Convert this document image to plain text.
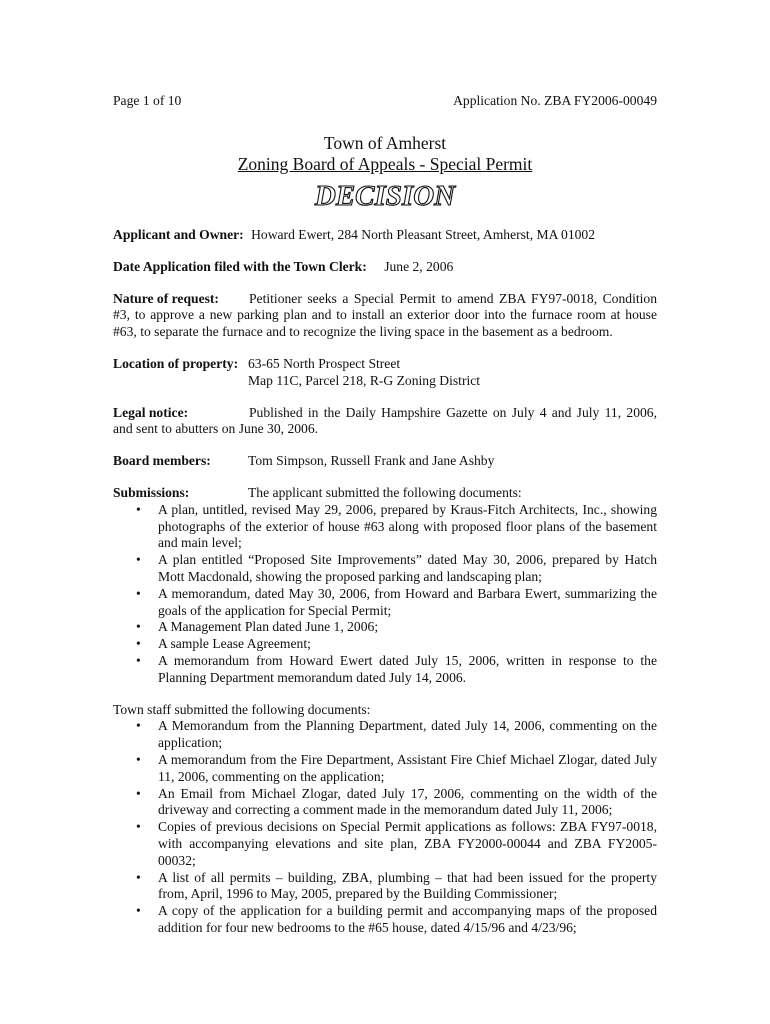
Page 1 of 10	Application No. ZBA FY2006-00049
Town of Amherst
Zoning Board of Appeals - Special Permit
DECISION
Applicant and Owner: Howard Ewert, 284 North Pleasant Street, Amherst, MA 01002
Date Application filed with the Town Clerk: June 2, 2006
Nature of request: Petitioner seeks a Special Permit to amend ZBA FY97-0018, Condition #3, to approve a new parking plan and to install an exterior door into the furnace room at house #63, to separate the furnace and to recognize the living space in the basement as a bedroom.
Location of property: 63-65 North Prospect Street
Map 11C, Parcel 218, R-G Zoning District
Legal notice:	Published in the Daily Hampshire Gazette on July 4 and July 11, 2006, and sent to abutters on June 30, 2006.
Board members:	Tom Simpson, Russell Frank and Jane Ashby
Submissions:	The applicant submitted the following documents:
• A plan, untitled, revised May 29, 2006, prepared by Kraus-Fitch Architects, Inc., showing photographs of the exterior of house #63 along with proposed floor plans of the basement and main level;
• A plan entitled “Proposed Site Improvements” dated May 30, 2006, prepared by Hatch Mott Macdonald, showing the proposed parking and landscaping plan;
• A memorandum, dated May 30, 2006, from Howard and Barbara Ewert, summarizing the goals of the application for Special Permit;
• A Management Plan dated June 1, 2006;
• A sample Lease Agreement;
• A memorandum from Howard Ewert dated July 15, 2006, written in response to the Planning Department memorandum dated July 14, 2006.
Town staff submitted the following documents:
• A Memorandum from the Planning Department, dated July 14, 2006, commenting on the application;
• A memorandum from the Fire Department, Assistant Fire Chief Michael Zlogar, dated July 11, 2006, commenting on the application;
• An Email from Michael Zlogar, dated July 17, 2006, commenting on the width of the driveway and correcting a comment made in the memorandum dated July 11, 2006;
• Copies of previous decisions on Special Permit applications as follows: ZBA FY97-0018, with accompanying elevations and site plan, ZBA FY2000-00044 and ZBA FY2005-00032;
• A list of all permits – building, ZBA, plumbing – that had been issued for the property from, April, 1996 to May, 2005, prepared by the Building Commissioner;
• A copy of the application for a building permit and accompanying maps of the proposed addition for four new bedrooms to the #65 house, dated 4/15/96 and 4/23/96;
